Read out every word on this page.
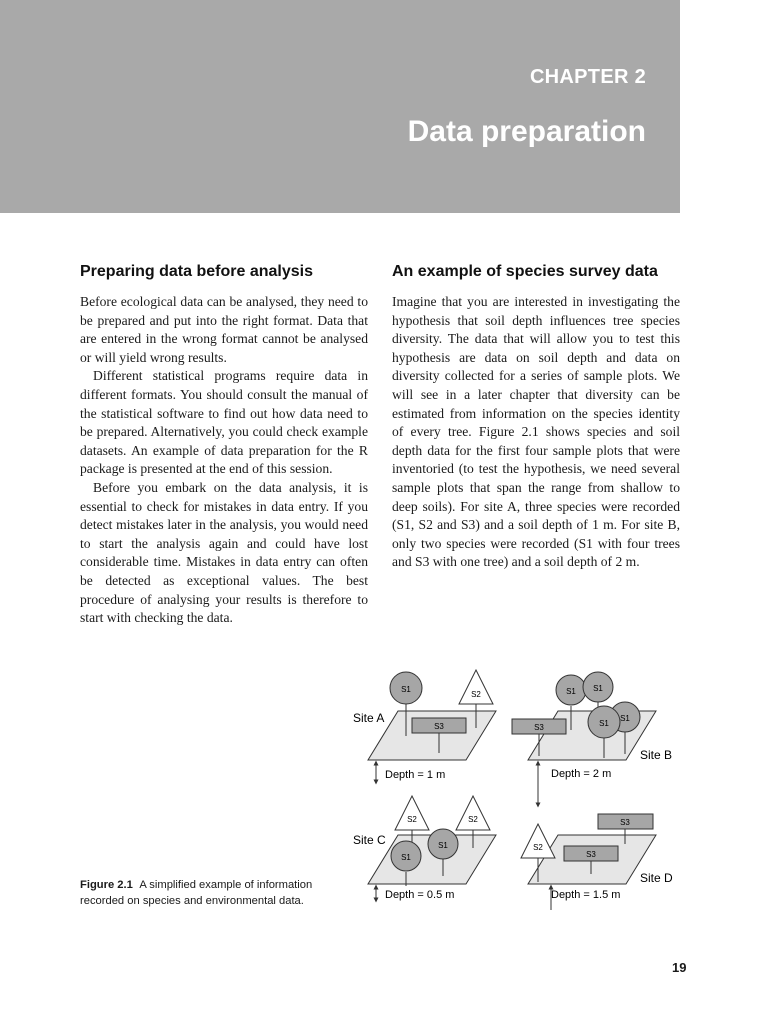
CHAPTER 2
Data preparation
Preparing data before analysis

Before ecological data can be analysed, they need to be prepared and put into the right format. Data that are entered in the wrong format cannot be analysed or will yield wrong results.

Different statistical programs require data in different formats. You should consult the manual of the statistical software to find out how data need to be prepared. Alternatively, you could check example datasets. An example of data preparation for the R package is presented at the end of this session.

Before you embark on the data analysis, it is essential to check for mistakes in data entry. If you detect mistakes later in the analysis, you would need to start the analysis again and could have lost considerable time. Mistakes in data entry can often be detected as exceptional values. The best procedure of analysing your results is therefore to start with checking the data.

An example of species survey data

Imagine that you are interested in investigating the hypothesis that soil depth influences tree species diversity. The data that will allow you to test this hypothesis are data on soil depth and data on diversity collected for a series of sample plots. We will see in a later chapter that diversity can be estimated from information on the species identity of every tree. Figure 2.1 shows species and soil depth data for the first four sample plots that were inventoried (to test the hypothesis, we need several sample plots that span the range from shallow to deep soils). For site A, three species were recorded (S1, S2 and S3) and a soil depth of 1 m. For site B, only two species were recorded (S1 with four trees and S3 with one tree) and a soil depth of 2 m.

S1
S2
S3
Site A
Depth = 1 m
S1 S1
S1
S1
S3
Site B
Depth = 2 m
S2	S2
S1
S1
Site C
Depth = 0.5 m
S3
S3
S2
Site D
Depth = 1.5 m
Figure 2.1 A simplified example of information recorded on species and environmental data.
19
